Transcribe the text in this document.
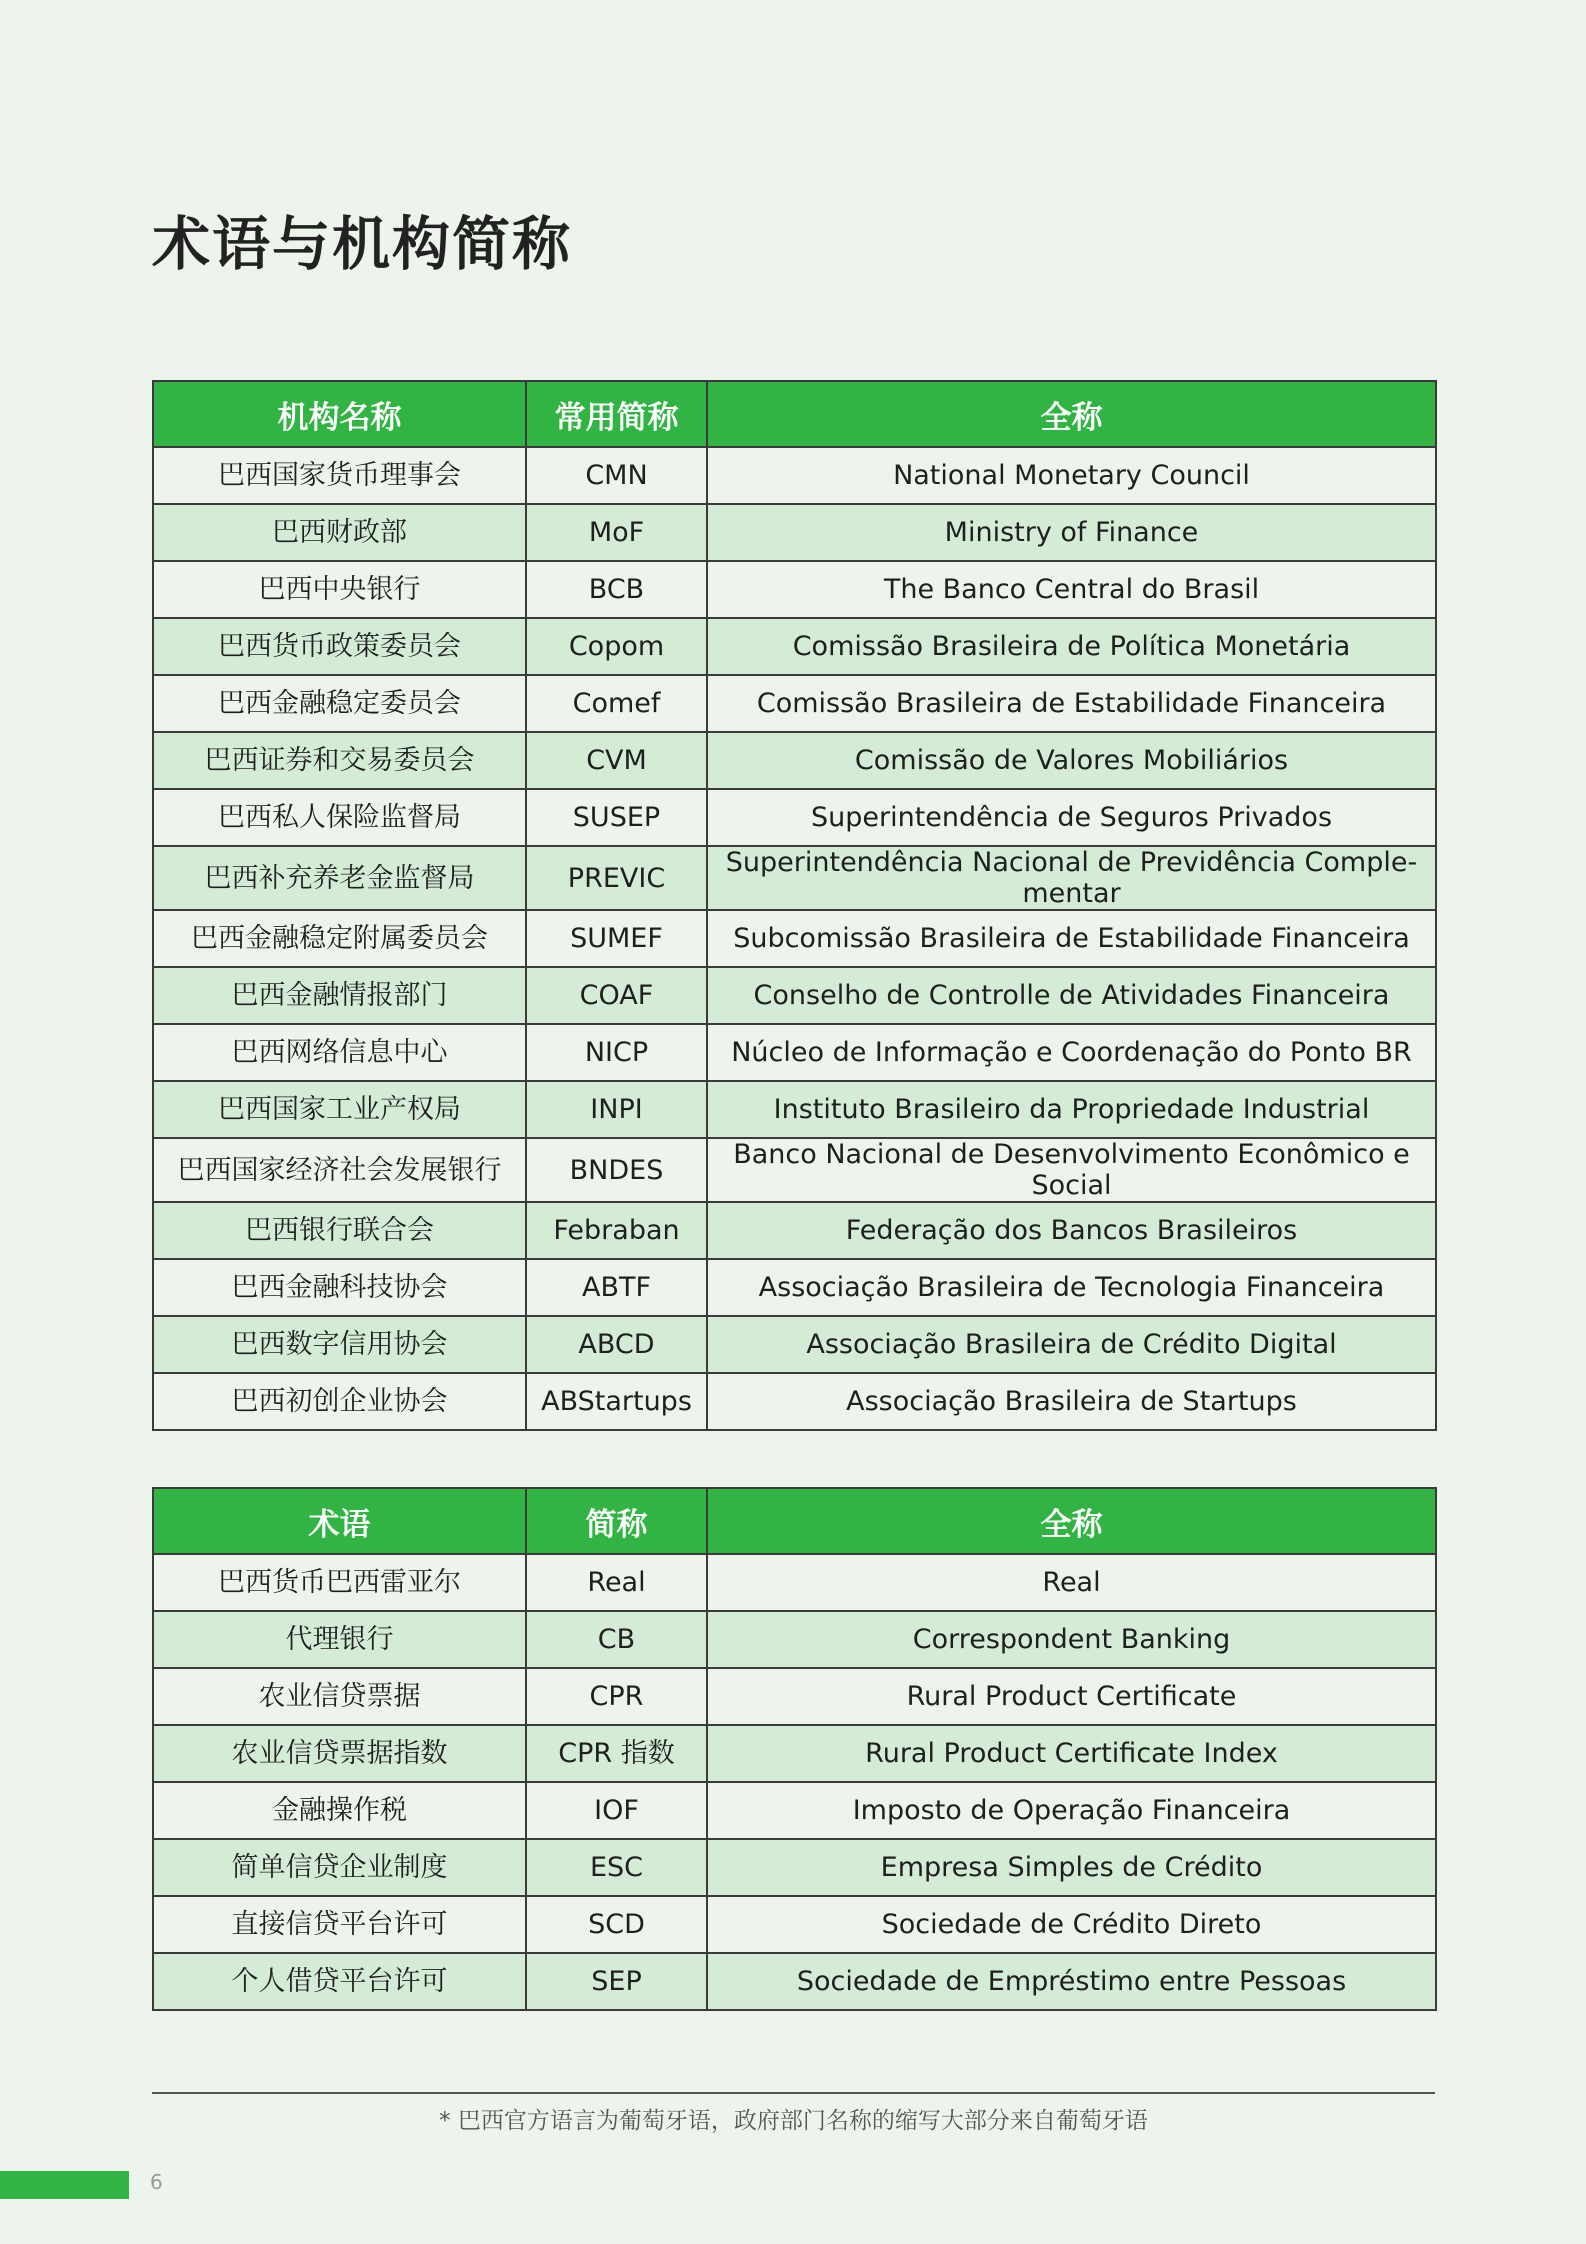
术语与机构简称
机构名称	常用简称	全称
巴西国家货币理事会	CMN	National Monetary Council
巴西财政部	MoF	Ministry of Finance
巴西中央银行	BCB	The Banco Central do Brasil
巴西货币政策委员会	Copom	Comissão Brasileira de Política Monetária
巴西金融稳定委员会	Comef	Comissão Brasileira de Estabilidade Financeira
巴西证券和交易委员会	CVM	Comissão de Valores Mobiliários
巴西私人保险监督局	SUSEP	Superintendência de Seguros Privados
巴西补充养老金监督局	PREVIC	Superintendência Nacional de Previdência Comple-mentar
巴西金融稳定附属委员会	SUMEF	Subcomissão Brasileira de Estabilidade Financeira
巴西金融情报部门	COAF	Conselho de Controlle de Atividades Financeira
巴西网络信息中心	NICP	Núcleo de Informação e Coordenação do Ponto BR
巴西国家工业产权局	INPI	Instituto Brasileiro da Propriedade Industrial
巴西国家经济社会发展银行	BNDES	Banco Nacional de Desenvolvimento Econômico e Social
巴西银行联合会	Febraban	Federação dos Bancos Brasileiros
巴西金融科技协会	ABTF	Associação Brasileira de Tecnologia Financeira
巴西数字信用协会	ABCD	Associação Brasileira de Crédito Digital
巴西初创企业协会	ABStartups	Associação Brasileira de Startups
术语	简称	全称
巴西货币巴西雷亚尔	Real	Real
代理银行	CB	Correspondent Banking
农业信贷票据	CPR	Rural Product Certificate
农业信贷票据指数	CPR 指数	Rural Product Certificate Index
金融操作税	IOF	Imposto de Operação Financeira
简单信贷企业制度	ESC	Empresa Simples de Crédito
直接信贷平台许可	SCD	Sociedade de Crédito Direto
个人借贷平台许可	SEP	Sociedade de Empréstimo entre Pessoas
* 巴西官方语言为葡萄牙语，政府部门名称的缩写大部分来自葡萄牙语
6
